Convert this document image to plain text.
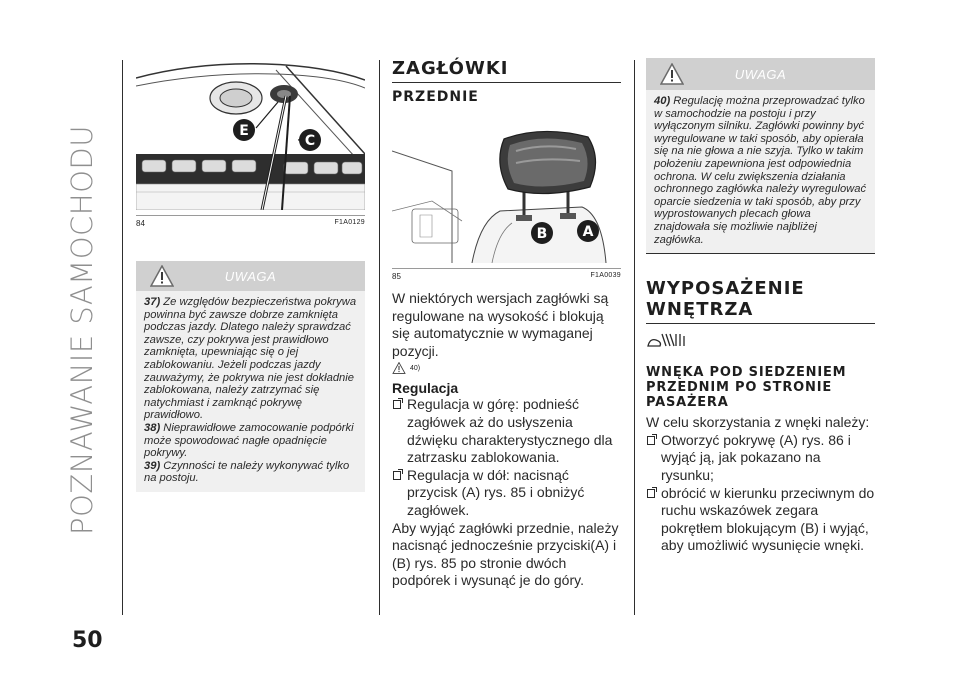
POZNAWANIE SAMOCHODU	E
C
84	F1A0129
UWAGA

37) Ze względów bezpieczeństwa pokrywa powinna być zawsze dobrze zamknięta podczas jazdy. Dlatego należy sprawdzać zawsze, czy pokrywa jest prawidłowo zamknięta, upewniając się o jej zablokowaniu. Jeżeli podczas jazdy zauważymy, że pokrywa nie jest dokładnie zablokowana, należy zatrzymać się natychmiast i zamknąć pokrywę prawidłowo.

38) Nieprawidłowe zamocowanie podpórki może spowodować nagłe opadnięcie pokrywy.

39) Czynności te należy wykonywać tylko na postoju.

ZAGŁÓWKI
PRZEDNIE
B	A
85	F1A0039
W niektórych wersjach zagłówki są regulowane na wysokość i blokują się automatycznie w wymaganej pozycji.
40)
Regulacja
Regulacja w górę: podnieść zagłówek aż do usłyszenia dźwięku charakterystycznego dla zatrzasku zablokowania.
Regulacja w dół: nacisnąć przycisk (A) rys. 85 i obniżyć zagłówek.
Aby wyjąć zagłówki przednie, należy nacisnąć jednocześnie przyciski(A) i (B) rys. 85 po stronie dwóch podpórek i wysunąć je do góry.
UWAGA

40) Regulację można przeprowadzać tylko w samochodzie na postoju i przy wyłączonym silniku. Zagłówki powinny być wyregulowane w taki sposób, aby opierała się na nie głowa a nie szyja. Tylko w takim położeniu zapewniona jest odpowiednia ochrona. W celu zwiększenia działania ochronnego zagłówka należy wyregulować oparcie siedzenia w taki sposób, aby przy wyprostowanych plecach głowa znajdowała się możliwie najbliżej zagłówka.

WYPOSAŻENIE WNĘTRZA
WNĘKA POD SIEDZENIEM PRZEDNIM PO STRONIE PASAŻERA
W celu skorzystania z wnęki należy:
Otworzyć pokrywę (A) rys. 86 i wyjąć ją, jak pokazano na rysunku;
obrócić w kierunku przeciwnym do ruchu wskazówek zegara pokrętłem blokującym (B) i wyjąć, aby umożliwić wysunięcie wnęki.
50
